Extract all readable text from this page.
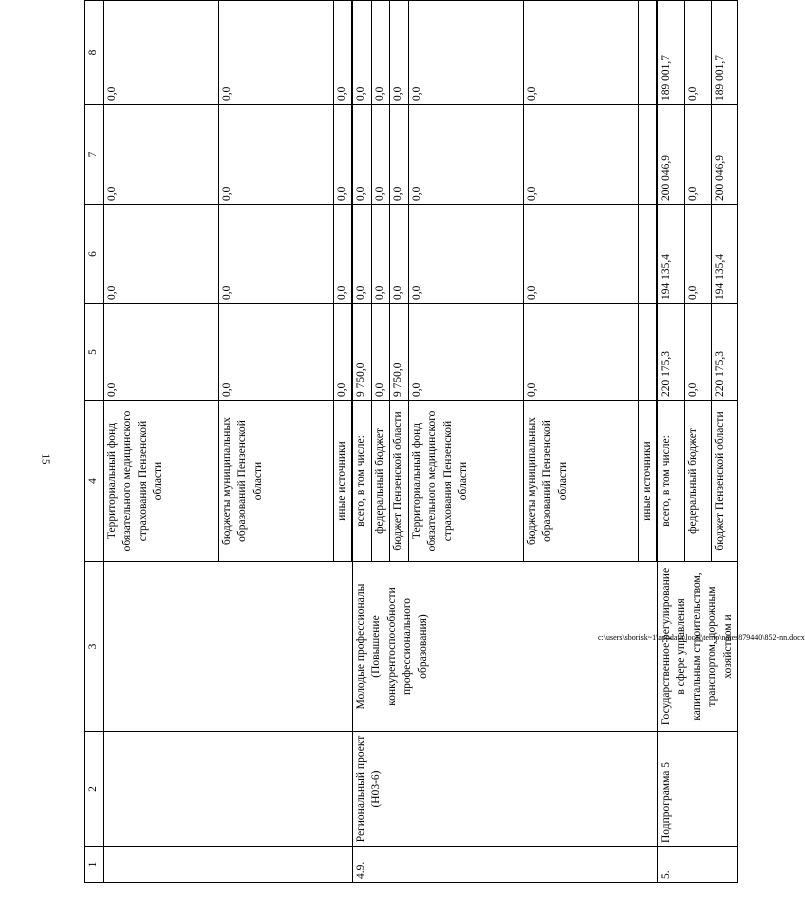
15
c:\users\sborisk~1\appdata\local\temp\notes879440\852-nn.docx
1	2	3	4	5	6	7	8
			Территориальный фонд обязательного медицинского страхования Пензенской области	0,0	0,0	0,0	0,0
			бюджеты муниципальных образований Пензенской области	0,0	0,0	0,0	0,0
			иные источники	0,0	0,0	0,0	0,0
4.9.	Региональный проект (Н03-6)	Молодые профессионалы (Повышение конкурентоспособности профессионального образования)	всего, в том числе:	9 750,0	0,0	0,0	0,0
			федеральный бюджет	0,0	0,0	0,0	0,0
			бюджет Пензенской области	9 750,0	0,0	0,0	0,0
			Территориальный фонд обязательного медицинского страхования Пензенской области	0,0	0,0	0,0	0,0
			бюджеты муниципальных образований Пензенской области	0,0	0,0	0,0	0,0
			иные источники				
5.	Подпрограмма 5	Государственное регулирование в сфере управления капитальным строительством, транспортом, дорожным хозяйством и	всего, в том числе:	220 175,3	194 135,4	200 046,9	189 001,7
			федеральный бюджет	0,0	0,0	0,0	0,0
			бюджет Пензенской области	220 175,3	194 135,4	200 046,9	189 001,7
